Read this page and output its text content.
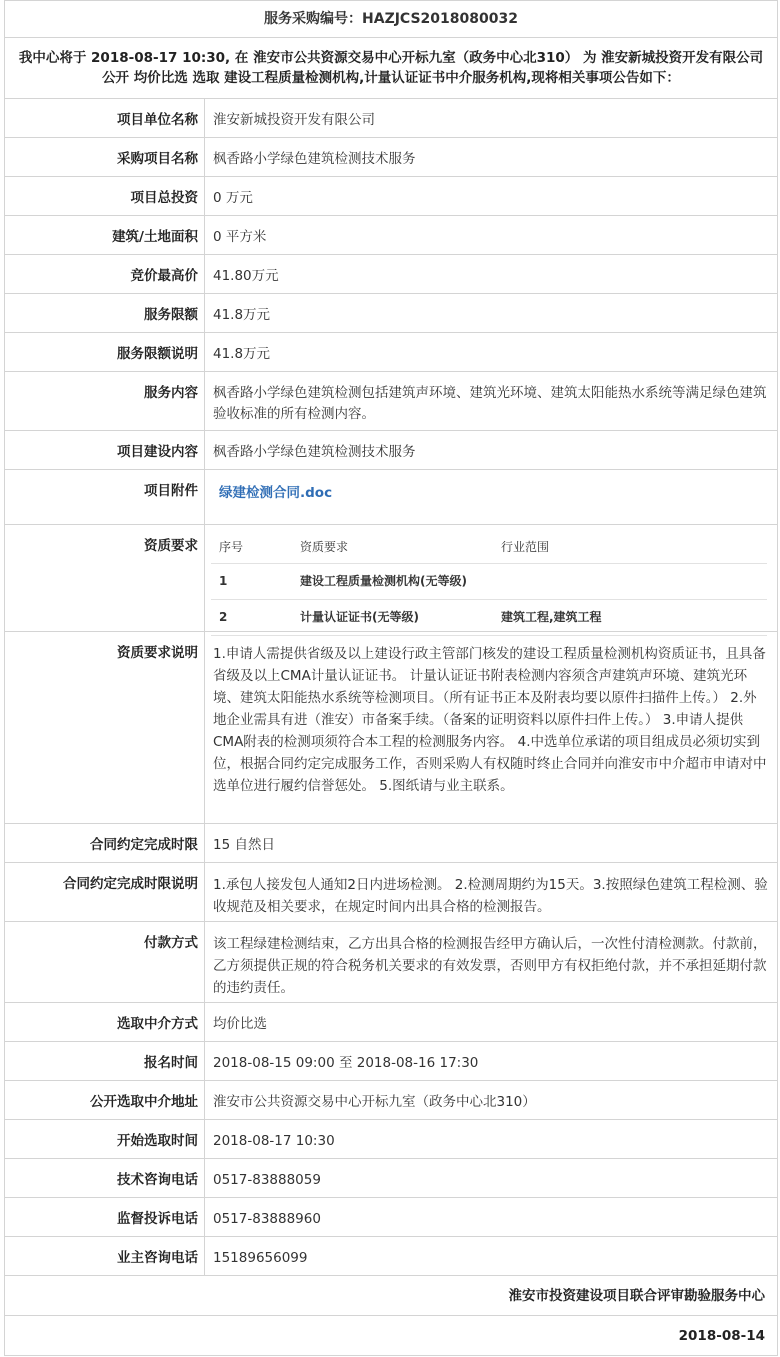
服务采购编号：HAZJCS2018080032
我中心将于 2018-08-17 10:30, 在 淮安市公共资源交易中心开标九室（政务中心北310） 为 淮安新城投资开发有限公司 公开 均价比选 选取 建设工程质量检测机构,计量认证证书中介服务机构,现将相关事项公告如下：
项目单位名称	淮安新城投资开发有限公司
采购项目名称	枫香路小学绿色建筑检测技术服务
项目总投资	0 万元
建筑/土地面积	0 平方米
竞价最高价	41.80万元
服务限额	41.8万元
服务限额说明	41.8万元
服务内容	枫香路小学绿色建筑检测包括建筑声环境、建筑光环境、建筑太阳能热水系统等满足绿色建筑验收标准的所有检测内容。
项目建设内容	枫香路小学绿色建筑检测技术服务
项目附件	绿建检测合同.doc
资质要求	序号	资质要求	行业范围
1	建设工程质量检测机构(无等级)	
2	计量认证证书(无等级)	建筑工程,建筑工程
资质要求说明	1.申请人需提供省级及以上建设行政主管部门核发的建设工程质量检测机构资质证书，且具备省级及以上CMA计量认证证书。 计量认证证书附表检测内容须含声建筑声环境、建筑光环境、建筑太阳能热水系统等检测项目。（所有证书正本及附表均要以原件扫描件上传。） 2.外地企业需具有进（淮安）市备案手续。（备案的证明资料以原件扫件上传。） 3.申请人提供CMA附表的检测项须符合本工程的检测服务内容。 4.中选单位承诺的项目组成员必须切实到位，根据合同约定完成服务工作，否则采购人有权随时终止合同并向淮安市中介超市申请对中选单位进行履约信誉惩处。 5.图纸请与业主联系。
合同约定完成时限	15 自然日
合同约定完成时限说明	1.承包人接发包人通知2日内进场检测。 2.检测周期约为15天。3.按照绿色建筑工程检测、验收规范及相关要求，在规定时间内出具合格的检测报告。
付款方式	该工程绿建检测结束，乙方出具合格的检测报告经甲方确认后，一次性付清检测款。付款前，乙方须提供正规的符合税务机关要求的有效发票，否则甲方有权拒绝付款，并不承担延期付款的违约责任。
选取中介方式	均价比选
报名时间	2018-08-15 09:00 至 2018-08-16 17:30
公开选取中介地址	淮安市公共资源交易中心开标九室（政务中心北310）
开始选取时间	2018-08-17 10:30
技术咨询电话	0517-83888059
监督投诉电话	0517-83888960
业主咨询电话	15189656099
淮安市投资建设项目联合评审勘验服务中心
2018-08-14
